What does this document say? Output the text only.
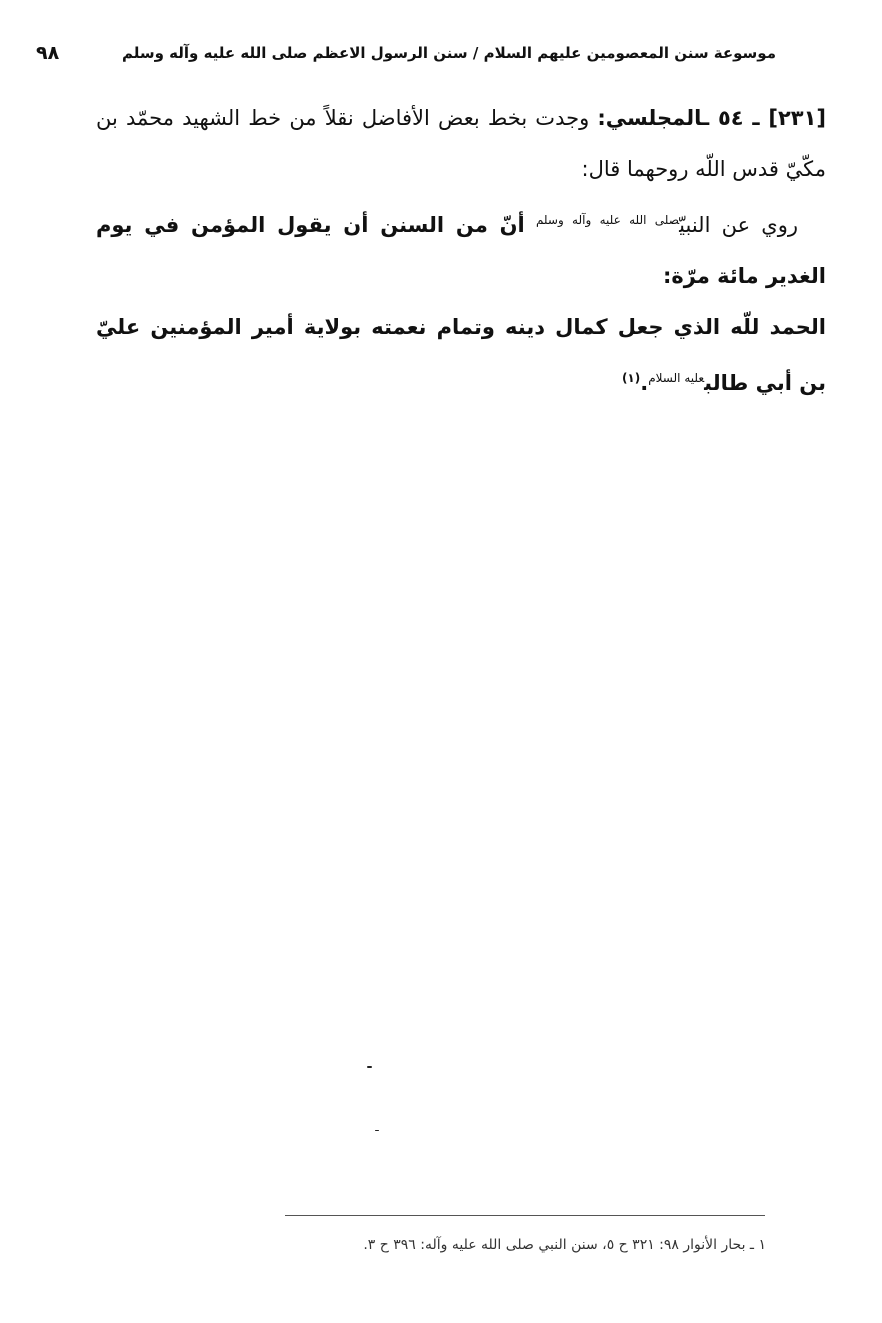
موسوعة سنن المعصومين عليهم السلام / سنن الرسول الاعظم صلى الله عليه وآله وسلم
٩٨

[٢٣١] ـ ٥٤ ـالمجلسي: وجدت بخط بعض الأفاضل نقلاً من خط الشهيد محمّد بن مكّيّ قدس اللّه روحهما قال:

روي عن النبيّ$^{صلى الله عليه وآله وسلم}$ أنّ من السنن أن يقول المؤمن في يوم الغدير مائة مرّة:

الحمد للّه الذي جعل كمال دينه وتمام نعمته بولاية أمير المؤمنين عليّ بن أبي طالب$^{عليه السلام}$.$^{(١)}$

١ ـ بحار الأنوار ٩٨: ٣٢١ ح ٥، سنن النبي صلى الله عليه وآله: ٣٩٦ ح ٣.
